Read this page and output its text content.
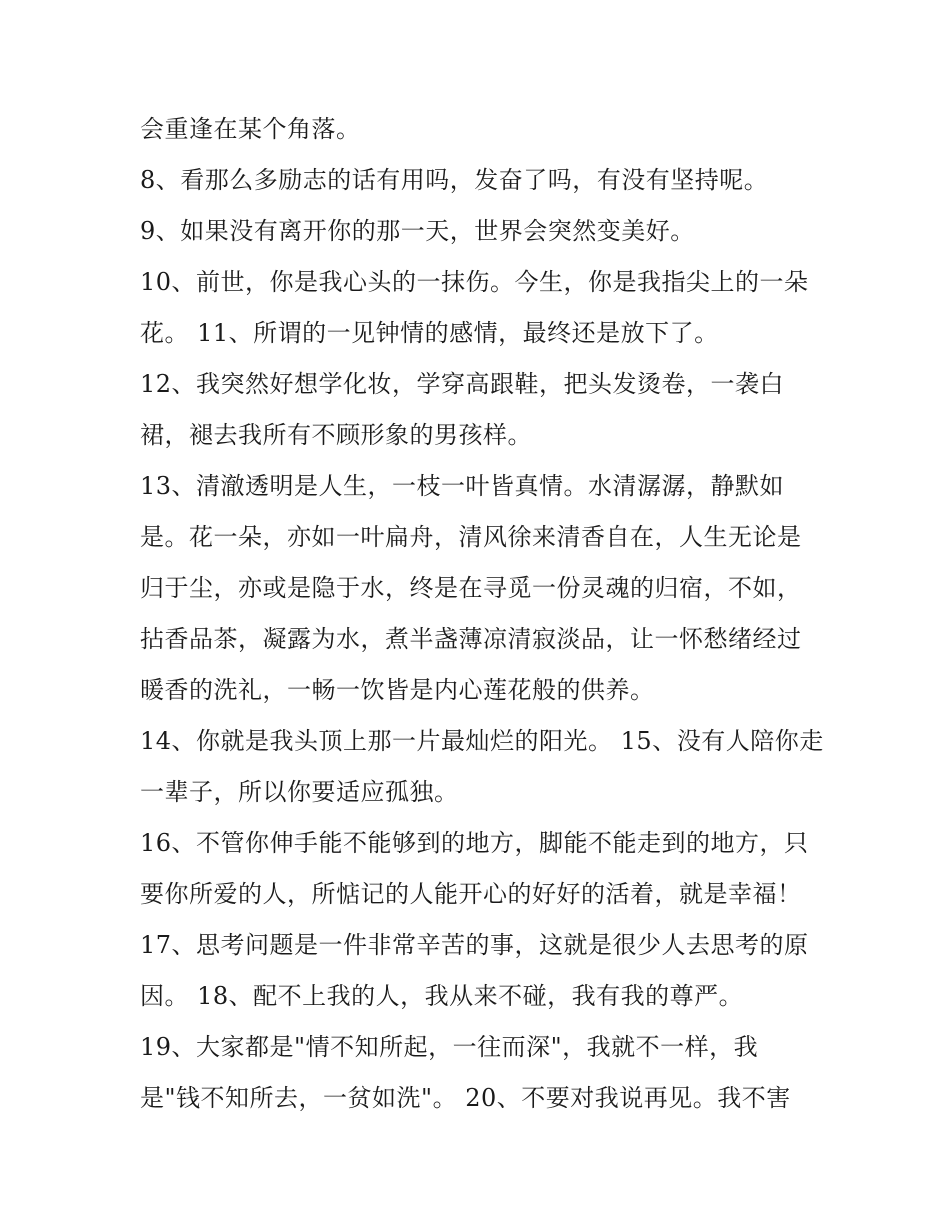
会重逢在某个角落。
8、看那么多励志的话有用吗，发奋了吗，有没有坚持呢。
9、如果没有离开你的那一天，世界会突然变美好。
10、前世，你是我心头的一抹伤。今生，你是我指尖上的一朵
花。 11、所谓的一见钟情的感情，最终还是放下了。
12、我突然好想学化妆，学穿高跟鞋，把头发烫卷，一袭白
裙，褪去我所有不顾形象的男孩样。
13、清澈透明是人生，一枝一叶皆真情。水清潺潺，静默如
是。花一朵，亦如一叶扁舟，清风徐来清香自在，人生无论是
归于尘，亦或是隐于水，终是在寻觅一份灵魂的归宿，不如，
拈香品茶，凝露为水，煮半盏薄凉清寂淡品，让一怀愁绪经过
暖香的洗礼，一畅一饮皆是内心莲花般的供养。
14、你就是我头顶上那一片最灿烂的阳光。 15、没有人陪你走
一辈子，所以你要适应孤独。
16、不管你伸手能不能够到的地方，脚能不能走到的地方，只
要你所爱的人，所惦记的人能开心的好好的活着，就是幸福！
17、思考问题是一件非常辛苦的事，这就是很少人去思考的原
因。 18、配不上我的人，我从来不碰，我有我的尊严。
19、大家都是"情不知所起，一往而深"，我就不一样，我
是"钱不知所去，一贫如洗"。 20、不要对我说再见。我不害
